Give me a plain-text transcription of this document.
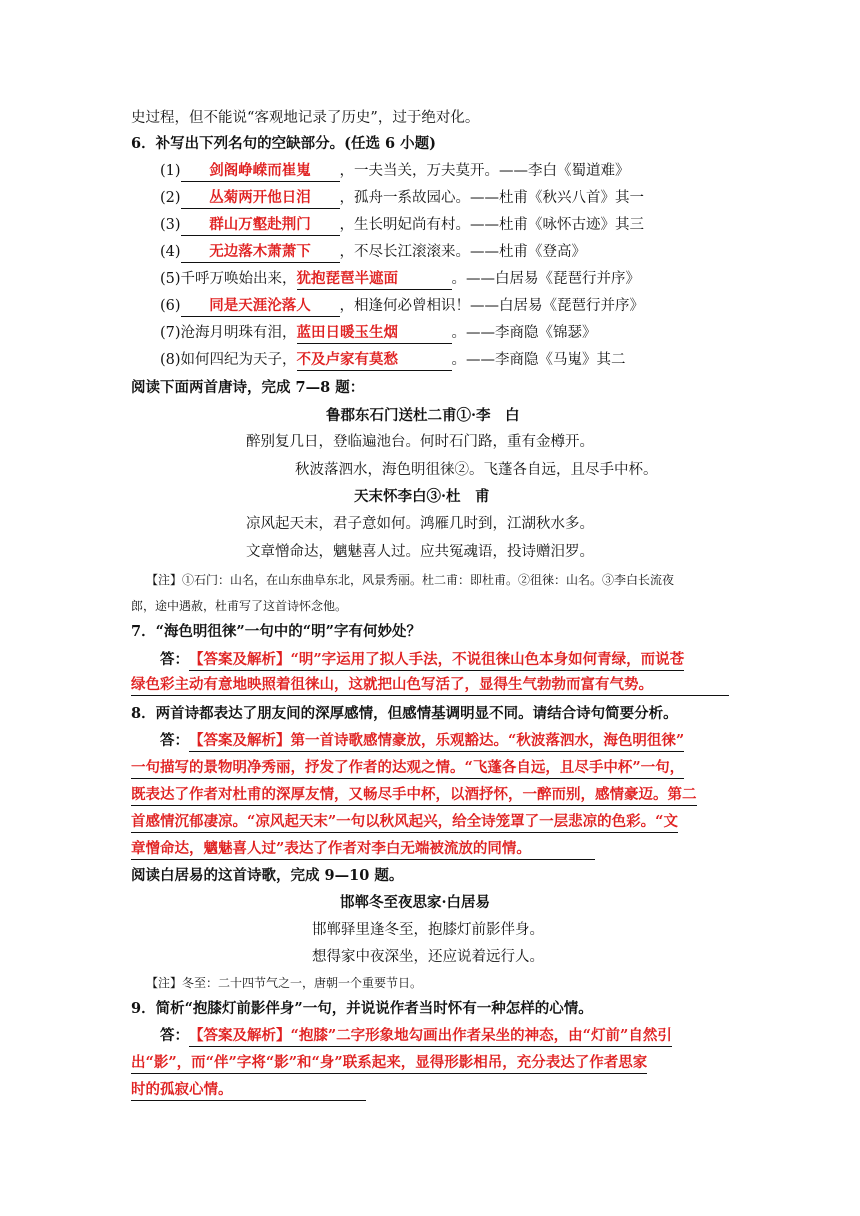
史过程，但不能说“客观地记录了历史”，过于绝对化。
6．补写出下列名句的空缺部分。(任选 6 小题)
(1) 剑阁峥嵘而崔嵬 ，一夫当关，万夫莫开。——李白《蜀道难》
(2) 丛菊两开他日泪 ，孤舟一系故园心。——杜甫《秋兴八首》其一
(3) 群山万壑赴荆门 ，生长明妃尚有村。——杜甫《咏怀古迹》其三
(4) 无边落木萧萧下 ，不尽长江滚滚来。——杜甫《登高》
(5)千呼万唤始出来，犹抱琵琶半遮面	。——白居易《琵琶行并序》
(6) 同是天涯沦落人 ，相逢何必曾相识！——白居易《琵琶行并序》
(7)沧海月明珠有泪，蓝田日暖玉生烟	。——李商隐《锦瑟》
(8)如何四纪为天子，不及卢家有莫愁	。——李商隐《马嵬》其二
阅读下面两首唐诗，完成 7—8 题：
鲁郡东石门送杜二甫①·李　白
醉别复几日，登临遍池台。何时石门路，重有金樽开。
秋波落泗水，海色明徂徕②。飞蓬各自远，且尽手中杯。
天末怀李白③·杜　甫
凉风起天末，君子意如何。鸿雁几时到，江湖秋水多。
文章憎命达，魑魅喜人过。应共冤魂语，投诗赠汨罗。
【注】①石门：山名，在山东曲阜东北，风景秀丽。杜二甫：即杜甫。②徂徕：山名。③李白长流夜
郎，途中遇赦，杜甫写了这首诗怀念他。
7．“海色明徂徕”一句中的“明”字有何妙处？
答：【答案及解析】“明”字运用了拟人手法，不说徂徕山色本身如何青绿，而说苍
绿色彩主动有意地映照着徂徕山，这就把山色写活了，显得生气勃勃而富有气势。
8．两首诗都表达了朋友间的深厚感情，但感情基调明显不同。请结合诗句简要分析。
答：【答案及解析】第一首诗歌感情豪放，乐观豁达。“秋波落泗水，海色明徂徕”
一句描写的景物明净秀丽，抒发了作者的达观之情。“飞蓬各自远，且尽手中杯”一句，
既表达了作者对杜甫的深厚友情，又畅尽手中杯，以酒抒怀，一醉而别，感情豪迈。第二
首感情沉郁凄凉。“凉风起天末”一句以秋风起兴，给全诗笼罩了一层悲凉的色彩。“文
章憎命达，魑魅喜人过”表达了作者对李白无端被流放的同情。
阅读白居易的这首诗歌，完成 9—10 题。
邯郸冬至夜思家·白居易
邯郸驿里逢冬至，抱膝灯前影伴身。
想得家中夜深坐，还应说着远行人。
【注】冬至：二十四节气之一，唐朝一个重要节日。
9．简析“抱膝灯前影伴身”一句，并说说作者当时怀有一种怎样的心情。
答：【答案及解析】“抱膝”二字形象地勾画出作者呆坐的神态，由“灯前”自然引
出“影”，而“伴”字将“影”和“身”联系起来，显得形影相吊，充分表达了作者思家
时的孤寂心情。
